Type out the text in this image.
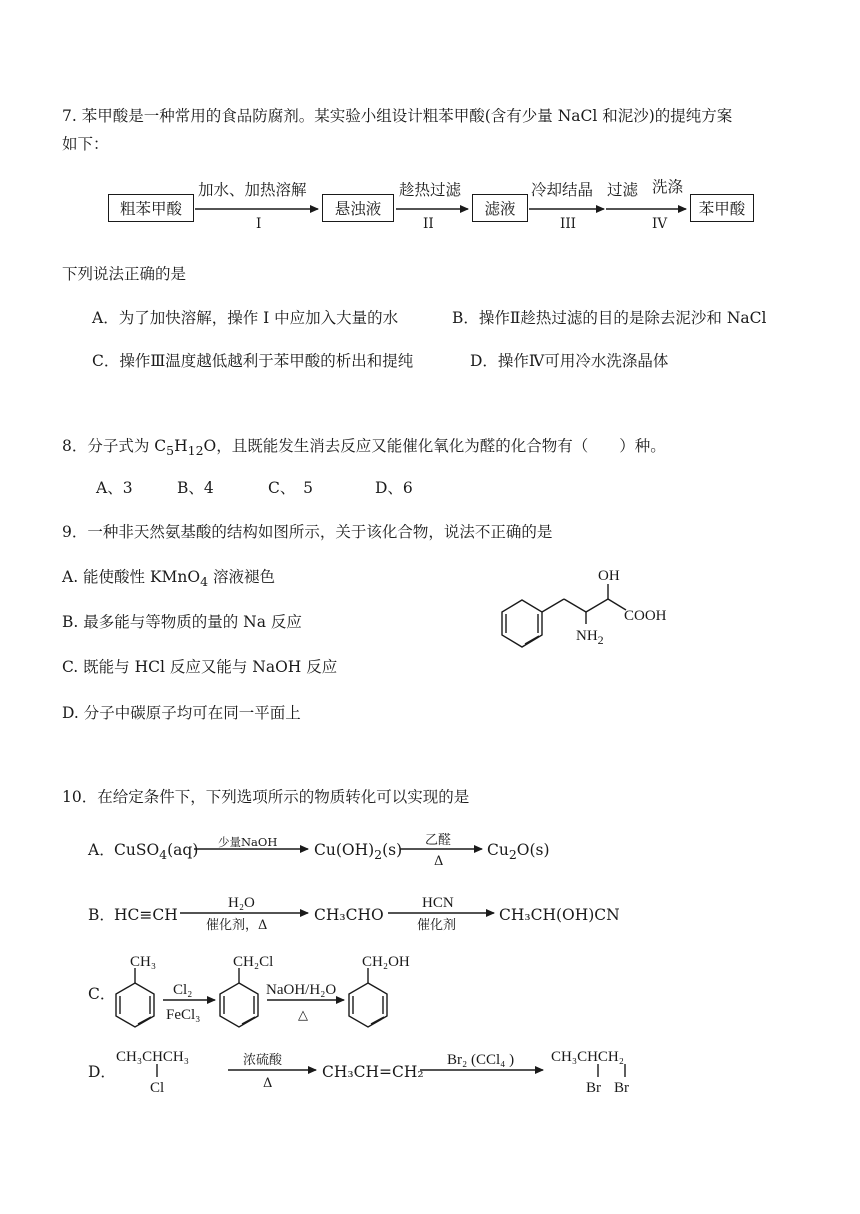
7. 苯甲酸是一种常用的食品防腐剂。某实验小组设计粗苯甲酸(含有少量 NaCl 和泥沙)的提纯方案
如下：
粗苯甲酸	悬浊液	滤液	苯甲酸
加水、加热溶解
I
趁热过滤
II
冷却结晶
III
过滤 洗涤
IV
下列说法正确的是
A．为了加快溶解，操作 I 中应加入大量的水	B．操作Ⅱ趁热过滤的目的是除去泥沙和 NaCl
C．操作Ⅲ温度越低越利于苯甲酸的析出和提纯	D．操作Ⅳ可用冷水洗涤晶体
8．分子式为 $C_5H_{12}O$，且既能发生消去反应又能催化氧化为醛的化合物有（　　）种。
A、3	B、4	C、　5	D、6
9．一种非天然氨基酸的结构如图所示，关于该化合物，说法不正确的是
A. 能使酸性 KMnO$_4$ 溶液褪色
B. 最多能与等物质的量的 Na 反应
C. 既能与 HCl 反应又能与 NaOH 反应
D. 分子中碳原子均可在同一平面上
OH
COOH
$NH_2$
10．在给定条件下，下列选项所示的物质转化可以实现的是
A． CuSO$_4$(aq)	$Cu(OH)_2(s)$	$Cu_2O(s)$
B． HC≡CH	CH₃CHO	CH₃CH(OH)CN
C．
D．	CH₃CH=CH₂
少量NaOH	乙醛
Δ
H₂O
催化剂，Δ
HCN
催化剂
CH₃	CH₂Cl	CH₂OH
Cl₂
FeCl₃
NaOH/H₂O
△
CH₃CHCH₃
Cl
浓硫酸
Δ
Br₂ (CCl₄ ) CH₃CHCH₂
Br Br
